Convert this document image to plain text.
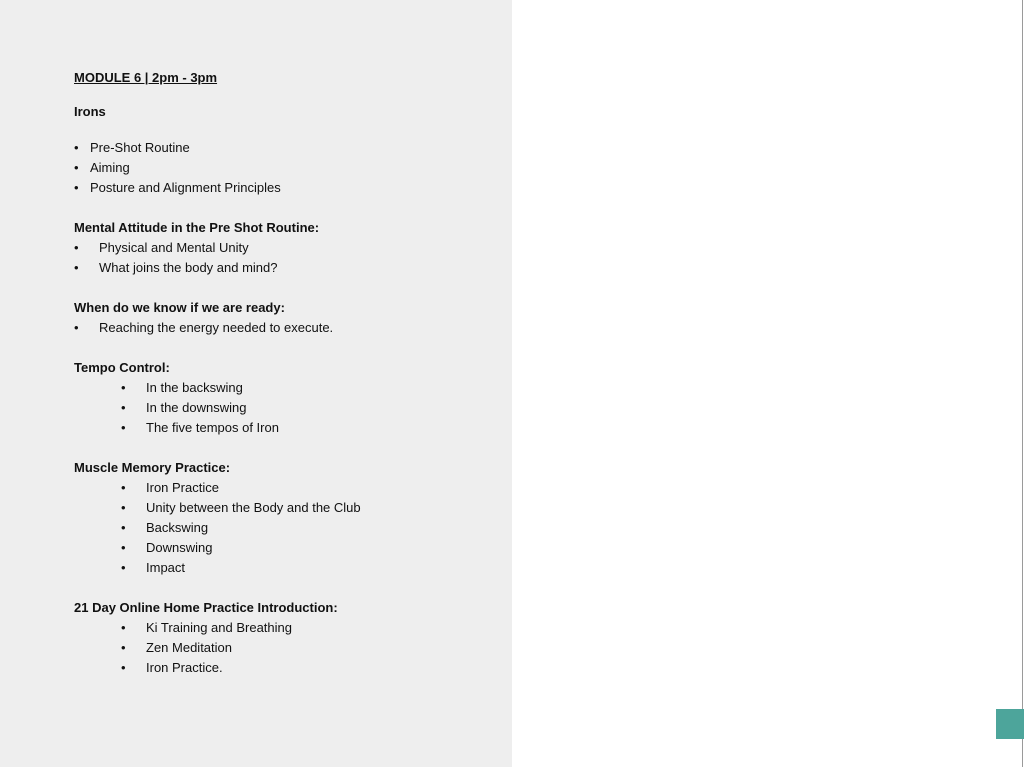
MODULE 6 | 2pm - 3pm

Irons

• Pre-Shot Routine
• Aiming
• Posture and Alignment Principles

Mental Attitude in the Pre Shot Routine:

• Physical and Mental Unity
• What joins the body and mind?

When do we know if we are ready:

• Reaching the energy needed to execute.

Tempo Control:

• In the backswing
• In the downswing
• The five tempos of Iron

Muscle Memory Practice:

• Iron Practice
• Unity between the Body and the Club
• Backswing
• Downswing
• Impact

21 Day Online Home Practice Introduction:

• Ki Training and Breathing
• Zen Meditation
• Iron Practice.
